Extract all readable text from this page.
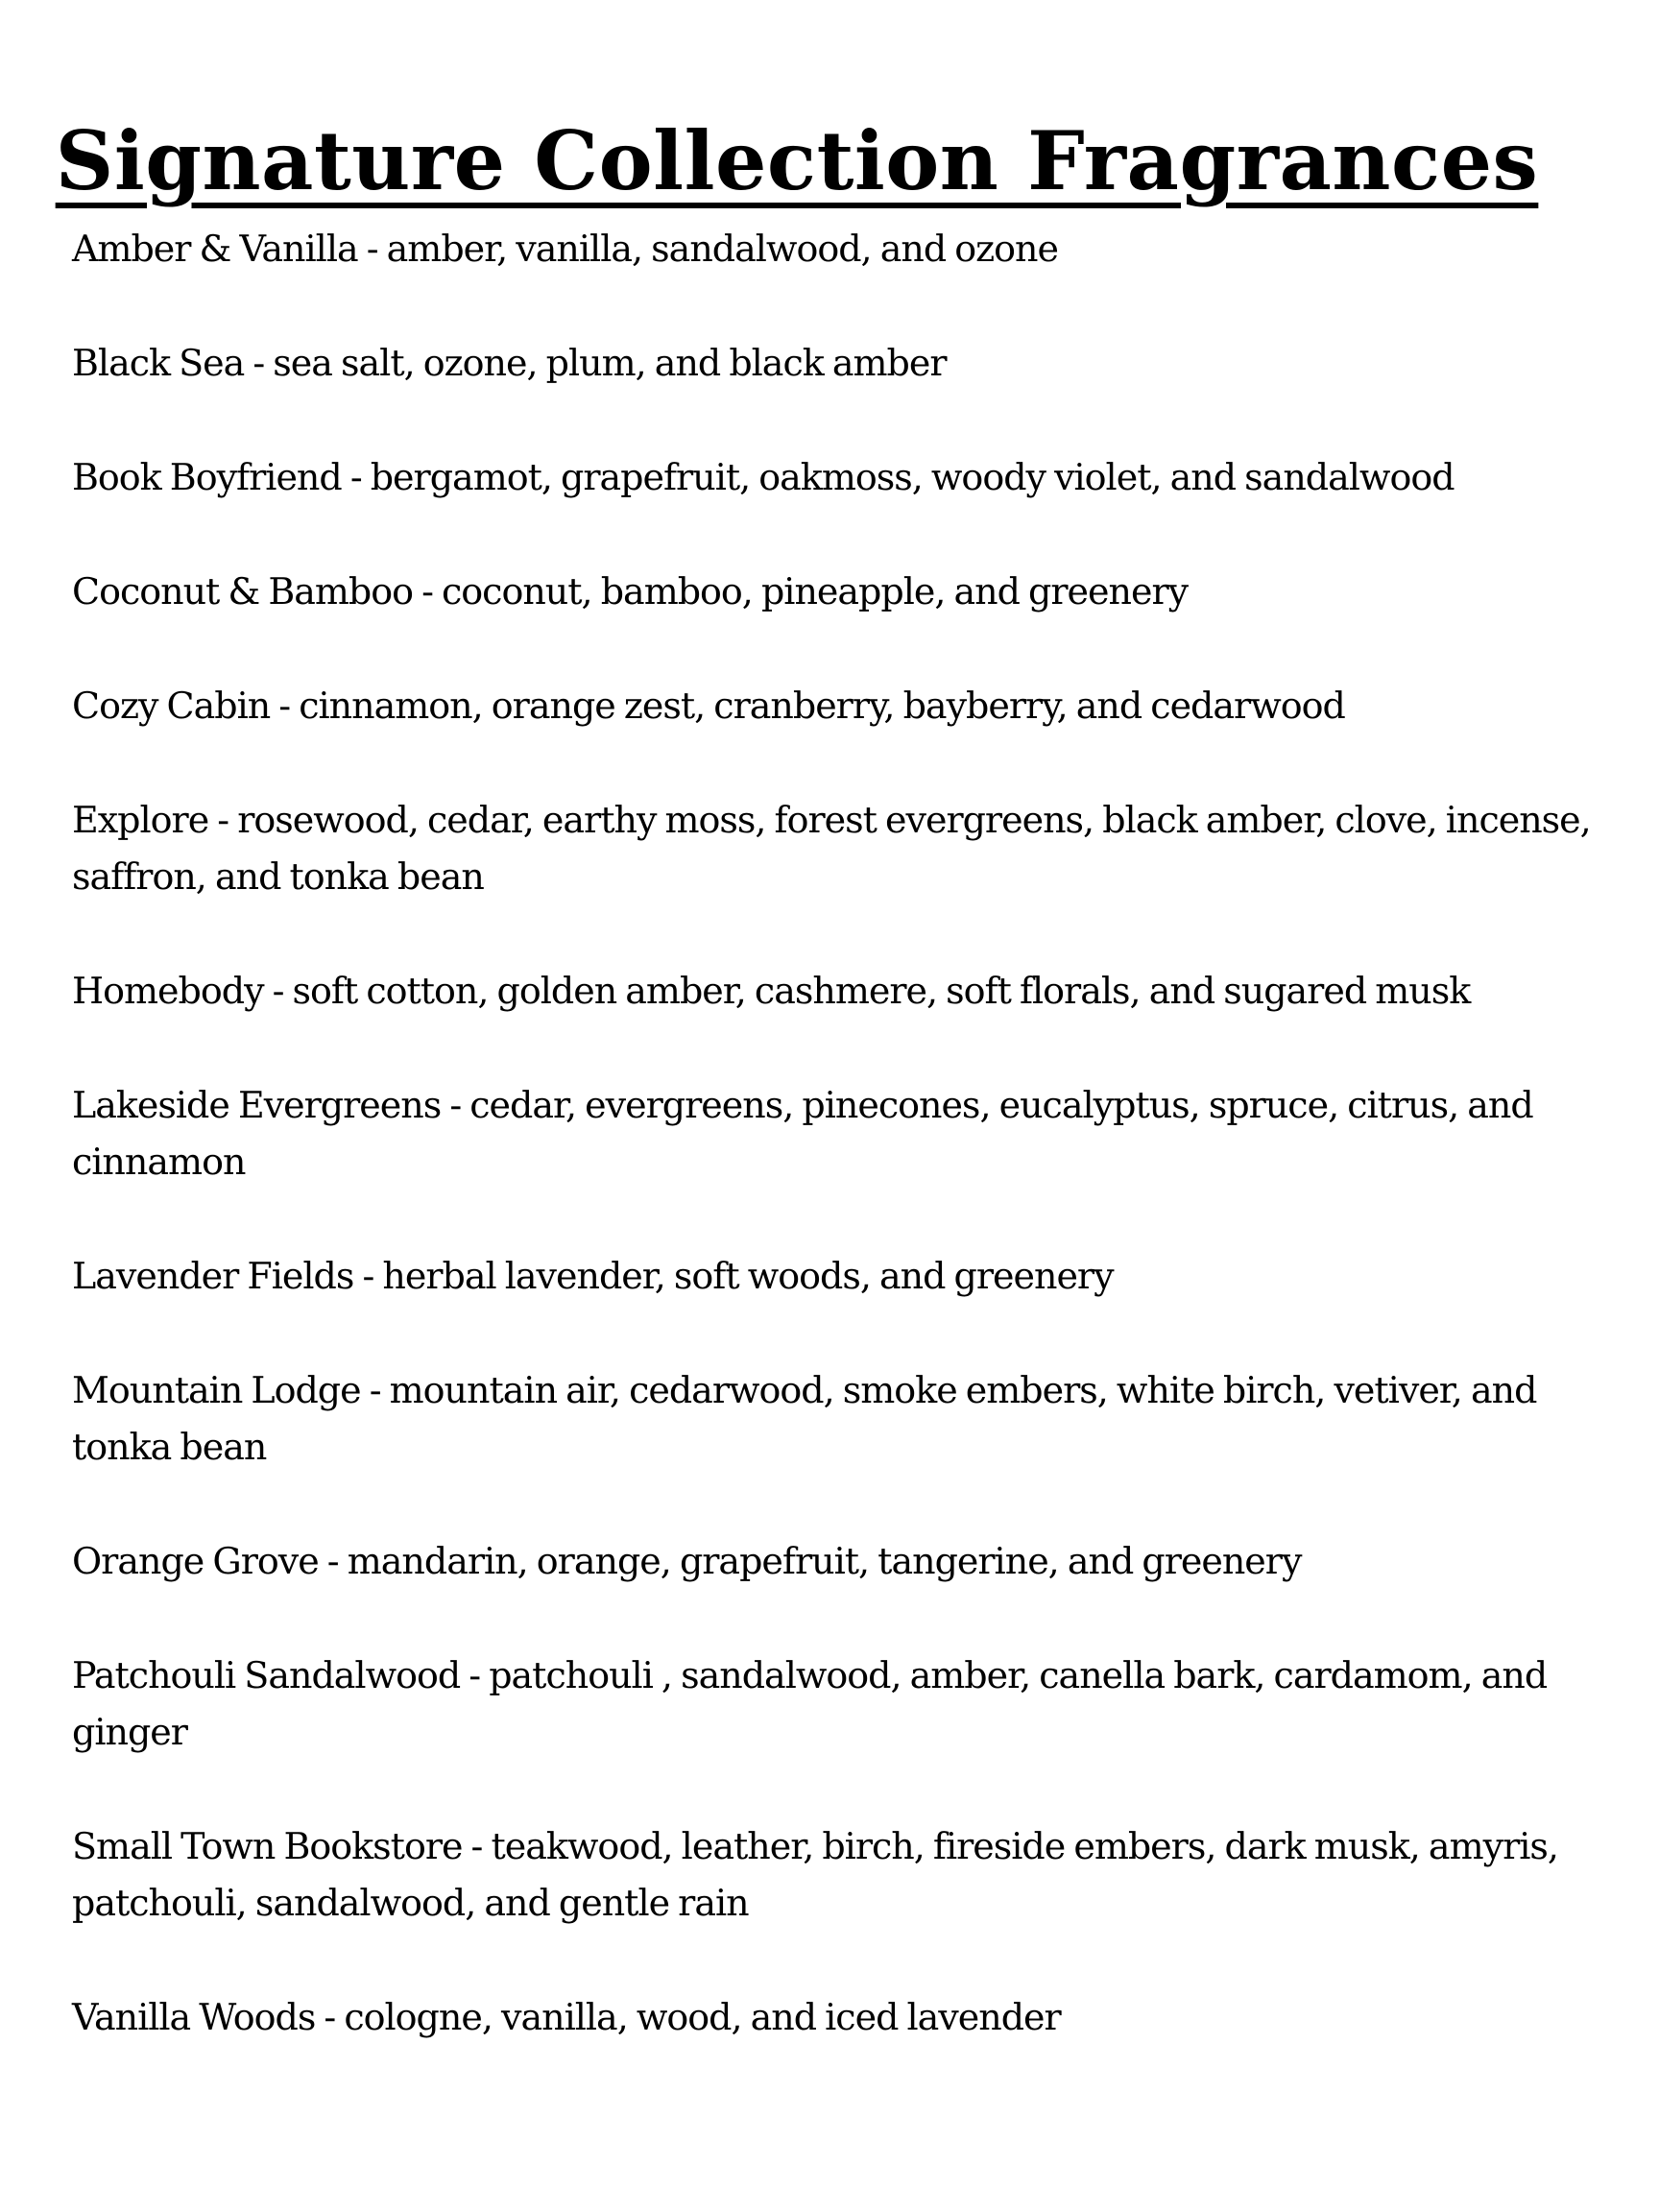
Signature Collection Fragrances
Amber & Vanilla - amber, vanilla, sandalwood, and ozone
Black Sea - sea salt, ozone, plum, and black amber
Book Boyfriend - bergamot, grapefruit, oakmoss, woody violet, and sandalwood
Coconut & Bamboo - coconut, bamboo, pineapple, and greenery
Cozy Cabin - cinnamon, orange zest, cranberry, bayberry, and cedarwood
Explore - rosewood, cedar, earthy moss, forest evergreens, black amber, clove, incense, saffron, and tonka bean
Homebody - soft cotton, golden amber, cashmere, soft florals, and sugared musk
Lakeside Evergreens - cedar, evergreens, pinecones, eucalyptus, spruce, citrus, and cinnamon
Lavender Fields - herbal lavender, soft woods, and greenery
Mountain Lodge - mountain air, cedarwood, smoke embers, white birch, vetiver, and tonka bean
Orange Grove - mandarin, orange, grapefruit, tangerine, and greenery
Patchouli Sandalwood - patchouli , sandalwood, amber, canella bark, cardamom, and ginger
Small Town Bookstore - teakwood, leather, birch, fireside embers, dark musk, amyris, patchouli, sandalwood, and gentle rain
Vanilla Woods - cologne, vanilla, wood, and iced lavender
